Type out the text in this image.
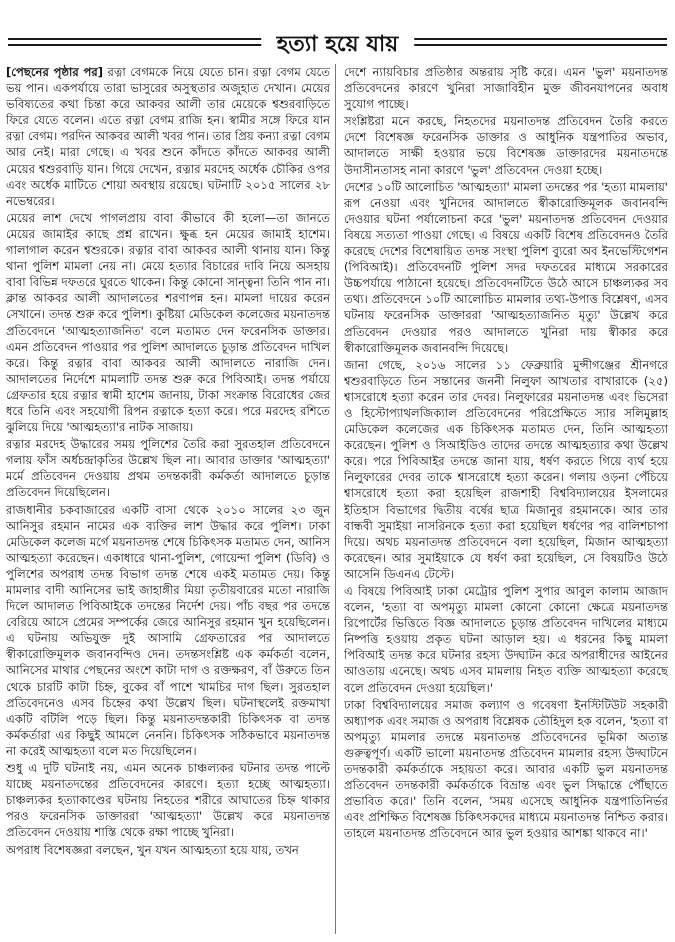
হত্যা হয়ে যায়

[পেছনের পৃষ্ঠার পর] রত্না বেগমকে নিয়ে যেতে চান। রত্না বেগম যেতে ভয় পান। একপর্যায়ে তারা ভাসুরের অসুস্থতার অজুহাত দেখান। মেয়ের ভবিষ্যতের কথা চিন্তা করে আকবর আলী তার মেয়েকে শ্বশুরবাড়িতে ফিরে যেতে বলেন। এতে রত্না বেগম রাজি হন। স্বামীর সঙ্গে ফিরে যান রত্না বেগম। পরদিন আকবর আলী খবর পান। তার প্রিয় কন্যা রত্না বেগম আর নেই। মারা গেছে। এ খবর শুনে কাঁদতে কাঁদতে আকবর আলী মেয়ের শ্বশুরবাড়ি যান। গিয়ে দেখেন, রত্নার মরদেহ অর্ধেক চৌকির ওপর এবং অর্ধেক মাটিতে শোয়া অবস্থায় রয়েছে। ঘটনাটি ২০১৫ সালের ২৮ নভেম্বরের।

মেয়ের লাশ দেখে পাগলপ্রায় বাবা কীভাবে কী হলো—তা জানতে মেয়ের জামাইর কাছে প্রশ্ন রাখেন। ক্ষুব্ধ হন মেয়ের জামাই হাশেম। গালাগাল করেন শ্বশুরকে। রত্নার বাবা আকবর আলী থানায় যান। কিন্তু থানা পুলিশ মামলা নেয় না। মেয়ে হত্যার বিচারের দাবি নিয়ে অসহায় বাবা বিভিন্ন দফতরে ঘুরতে থাকেন। কিন্তু কোনো সান্ত্বনা তিনি পান না। ক্লান্ত আকবর আলী আদালতের শরণাপন্ন হন। মামলা দায়ের করেন সেখানে। তদন্ত শুরু করে পুলিশ। কুষ্টিয়া মেডিকেল কলেজের ময়নাতদন্ত প্রতিবেদনে 'আত্মহত্যাজনিত' বলে মতামত দেন ফরেনসিক ডাক্তার। এমন প্রতিবেদন পাওয়ার পর পুলিশ আদালতে চূড়ান্ত প্রতিবেদন দাখিল করে। কিন্তু রত্নার বাবা আকবর আলী আদালতে নারাজি দেন। আদালতের নির্দেশে মামলাটি তদন্ত শুরু করে পিবিআই। তদন্ত পর্যায়ে গ্রেফতার হয়ে রত্নার স্বামী হাশেম জানায়, টাকা সংক্রান্ত বিরোধের জের ধরে তিনি এবং সহযোগী রিপন রত্নাকে হত্যা করে। পরে মরদেহ রশিতে ঝুলিয়ে দিয়ে 'আত্মহত্যা'র নাটক সাজায়।

রত্নার মরদেহ উদ্ধারের সময় পুলিশের তৈরি করা সুরতহাল প্রতিবেদনে গলায় ফাঁস অর্ধচন্দ্রাকৃতির উল্লেখ ছিল না। আবার ডাক্তার 'আত্মহত্যা' মর্মে প্রতিবেদন দেওয়ায় প্রথম তদন্তকারী কর্মকর্তা আদালতে চূড়ান্ত প্রতিবেদন দিয়েছিলেন।

রাজধানীর চকবাজারের একটি বাসা থেকে ২০১০ সালের ২৩ জুন আনিসুর রহমান নামের এক ব্যক্তির লাশ উদ্ধার করে পুলিশ। ঢাকা মেডিকেল কলেজ মর্গে ময়নাতদন্ত শেষে চিকিৎসক মতামত দেন, আনিস আত্মহত্যা করেছেন। একাধারে থানা-পুলিশ, গোয়েন্দা পুলিশ (ডিবি) ও পুলিশের অপরাধ তদন্ত বিভাগ তদন্ত শেষে একই মতামত দেয়। কিন্তু মামলার বাদী আনিসের ভাই জাহাঙ্গীর মিয়া তৃতীয়বারের মতো নারাজি দিলে আদালত পিবিআইকে তদন্তের নির্দেশ দেয়। পাঁচ বছর পর তদন্তে বেরিয়ে আসে প্রেমের সম্পর্কের জেরে আনিসুর রহমান খুন হয়েছিলেন। এ ঘটনায় অভিযুক্ত দুই আসামি গ্রেফতারের পর আদালতে স্বীকারোক্তিমূলক জবানবন্দিও দেন। তদন্তসংশ্লিষ্ট এক কর্মকর্তা বলেন, আনিসের মাথার পেছনের অংশে কাটা দাগ ও রক্তক্ষরণ, বাঁ উরুতে তিন থেকে চারটি কাটা চিহ্ন, বুকের বাঁ পাশে খামচির দাগ ছিল। সুরতহাল প্রতিবেদনেও এসব চিহ্নের কথা উল্লেখ ছিল। ঘটনাস্থলেই রক্তমাখা একটি বটিলি পড়ে ছিল। কিন্তু ময়নাতদন্তকারী চিকিৎসক বা তদন্ত কর্মকর্তারা এর কিছুই আমলে নেননি। চিকিৎসক সঠিকভাবে ময়নাতদন্ত না করেই আত্মহত্যা বলে মত দিয়েছিলেন।

শুধু এ দুটি ঘটনাই নয়, এমন অনেক চাঞ্চল্যকর ঘটনার তদন্ত পাল্টে যাচ্ছে ময়নাতদন্তের প্রতিবেদনের কারণে। হত্যা হচ্ছে আত্মহত্যা। চাঞ্চল্যকর হত্যাকাণ্ডের ঘটনায় নিহতের শরীরে আঘাতের চিহ্ন থাকার পরও ফরেনসিক ডাক্তাররা 'আত্মহত্যা' উল্লেখ করে ময়নাতদন্ত প্রতিবেদন দেওয়ায় শাস্তি থেকে রক্ষা পাচ্ছে খুনিরা।

অপরাধ বিশেষজ্ঞরা বলছেন, খুন যখন আত্মহত্যা হয়ে যায়, তখন

দেশে ন্যায়বিচার প্রতিষ্ঠার অন্তরায় সৃষ্টি করে। এমন 'ভুল' ময়নাতদন্ত প্রতিবেদনের কারণে খুনিরা সাজাবিহীন মুক্ত জীবনযাপনের অবাধ সুযোগ পাচ্ছে।

সংশ্লিষ্টরা মনে করছে, নিহতদের ময়নাতদন্ত প্রতিবেদন তৈরি করতে দেশে বিশেষজ্ঞ ফরেনসিক ডাক্তার ও আধুনিক যন্ত্রপাতির অভাব, আদালতে সাক্ষী হওয়ার ভয়ে বিশেষজ্ঞ ডাক্তারদের ময়নাতদন্তে উদাসীনতাসহ নানা কারণে 'ভুল' প্রতিবেদন দেওয়া হচ্ছে।

দেশের ১০টি আলোচিত 'আত্মহত্যা' মামলা তদন্তের পর 'হত্যা মামলায়' রূপ নেওয়া এবং খুনিদের আদালতে স্বীকারোক্তিমূলক জবানবন্দি দেওয়ার ঘটনা পর্যালোচনা করে 'ভুল' ময়নাতদন্ত প্রতিবেদন দেওয়ার বিষয়ে সত্যতা পাওয়া গেছে। এ বিষয়ে একটি বিশেষ প্রতিবেদনও তৈরি করেছে দেশের বিশেষায়িত তদন্ত সংস্থা পুলিশ ব্যুরো অব ইনভেস্টিগেশন (পিবিআই)। প্রতিবেদনটি পুলিশ সদর দফতরের মাধ্যমে সরকারের উচ্চপর্যায়ে পাঠানো হয়েছে। প্রতিবেদনটিতে উঠে আসে চাঞ্চল্যকর সব তথ্য। প্রতিবেদনে ১০টি আলোচিত মামলার তথ্য-উপাত্ত বিশ্লেষণ, এসব ঘটনায় ফরেনসিক ডাক্তাররা 'আত্মহত্যাজনিত মৃত্যু' উল্লেখ করে প্রতিবেদন দেওয়ার পরও আদালতে খুনিরা দায় স্বীকার করে স্বীকারোক্তিমূলক জবানবন্দি দিয়েছে।

জানা গেছে, ২০১৬ সালের ১১ ফেব্রুয়ারি মুন্সীগঞ্জের শ্রীনগরে শ্বশুরবাড়িতে তিন সন্তানের জননী নিলুফা আখতার বাখারাকে (২৫) শ্বাসরোধে হত্যা করেন তার দেবর। নিলুফারের ময়নাতদন্ত এবং ভিসেরা ও হিস্টোপ্যাথলজিক্যাল প্রতিবেদনের পরিপ্রেক্ষিতে স্যার সলিমুল্লাহ মেডিকেল কলেজের এক চিকিৎসক মতামত দেন, তিনি আত্মহত্যা করেছেন। পুলিশ ও সিআইডিও তাদের তদন্তে আত্মহত্যার কথা উল্লেখ করে। পরে পিবিআইর তদন্তে জানা যায়, ধর্ষণ করতে গিয়ে ব্যর্থ হয়ে নিলুফারের দেবর তাকে শ্বাসরোধে হত্যা করেন। গলায় ওড়না পেঁচিয়ে শ্বাসরোধে হত্যা করা হয়েছিল রাজশাহী বিশ্ববিদ্যালয়ের ইসলামের ইতিহাস বিভাগের দ্বিতীয় বর্ষের ছাত্র মিজানুর রহমানকে। আর তার বান্ধবী সুমাইয়া নাসরিনকে হত্যা করা হয়েছিল ধর্ষণের পর বালিশচাপা দিয়ে। অথচ ময়নাতদন্ত প্রতিবেদনে বলা হয়েছিল, মিজান আত্মহত্যা করেছেন। আর সুমাইয়াকে যে ধর্ষণ করা হয়েছিল, সে বিষয়টিও উঠে আসেনি ডিএনএ টেস্টে।

এ বিষয়ে পিবিআই ঢাকা মেট্রোর পুলিশ সুপার আবুল কালাম আজাদ বলেন, 'হত্যা বা অপমৃত্যু মামলা কোনো কোনো ক্ষেত্রে ময়নাতদন্ত রিপোর্টের ভিত্তিতে বিজ্ঞ আদালতে চূড়ান্ত প্রতিবেদন দাখিলের মাধ্যমে নিষ্পত্তি হওয়ায় প্রকৃত ঘটনা আড়াল হয়। এ ধরনের কিছু মামলা পিবিআই তদন্ত করে ঘটনার রহস্য উদ্ঘাটন করে অপরাধীদের আইনের আওতায় এনেছে। অথচ এসব মামলায় নিহত ব্যক্তি আত্মহত্যা করেছে বলে প্রতিবেদন দেওয়া হয়েছিল।'

ঢাকা বিশ্ববিদ্যালয়ের সমাজ কল্যাণ ও গবেষণা ইনস্টিটিউট সহকারী অধ্যাপক এবং সমাজ ও অপরাধ বিশ্লেষক তৌহিদুল হক বলেন, 'হত্যা বা অপমৃত্যু মামলার তদন্তে ময়নাতদন্ত প্রতিবেদনের ভূমিকা অত্যন্ত গুরুত্বপূর্ণ। একটি ভালো ময়নাতদন্ত প্রতিবেদন মামলার রহস্য উদ্ঘাটনে তদন্তকারী কর্মকর্তাকে সহায়তা করে। আবার একটি ভুল ময়নাতদন্ত প্রতিবেদন তদন্তকারী কর্মকর্তাকে বিভ্রান্ত এবং ভুল সিদ্ধান্তে পৌঁছাতে প্রভাবিত করে।' তিনি বলেন, 'সময় এসেছে আধুনিক যন্ত্রপাতিনির্ভর এবং প্রশিক্ষিত বিশেষজ্ঞ চিকিৎসকদের মাধ্যমে ময়নাতদন্ত নিশ্চিত করার। তাহলে ময়নাতদন্ত প্রতিবেদনে আর ভুল হওয়ার আশঙ্কা থাকবে না।'
